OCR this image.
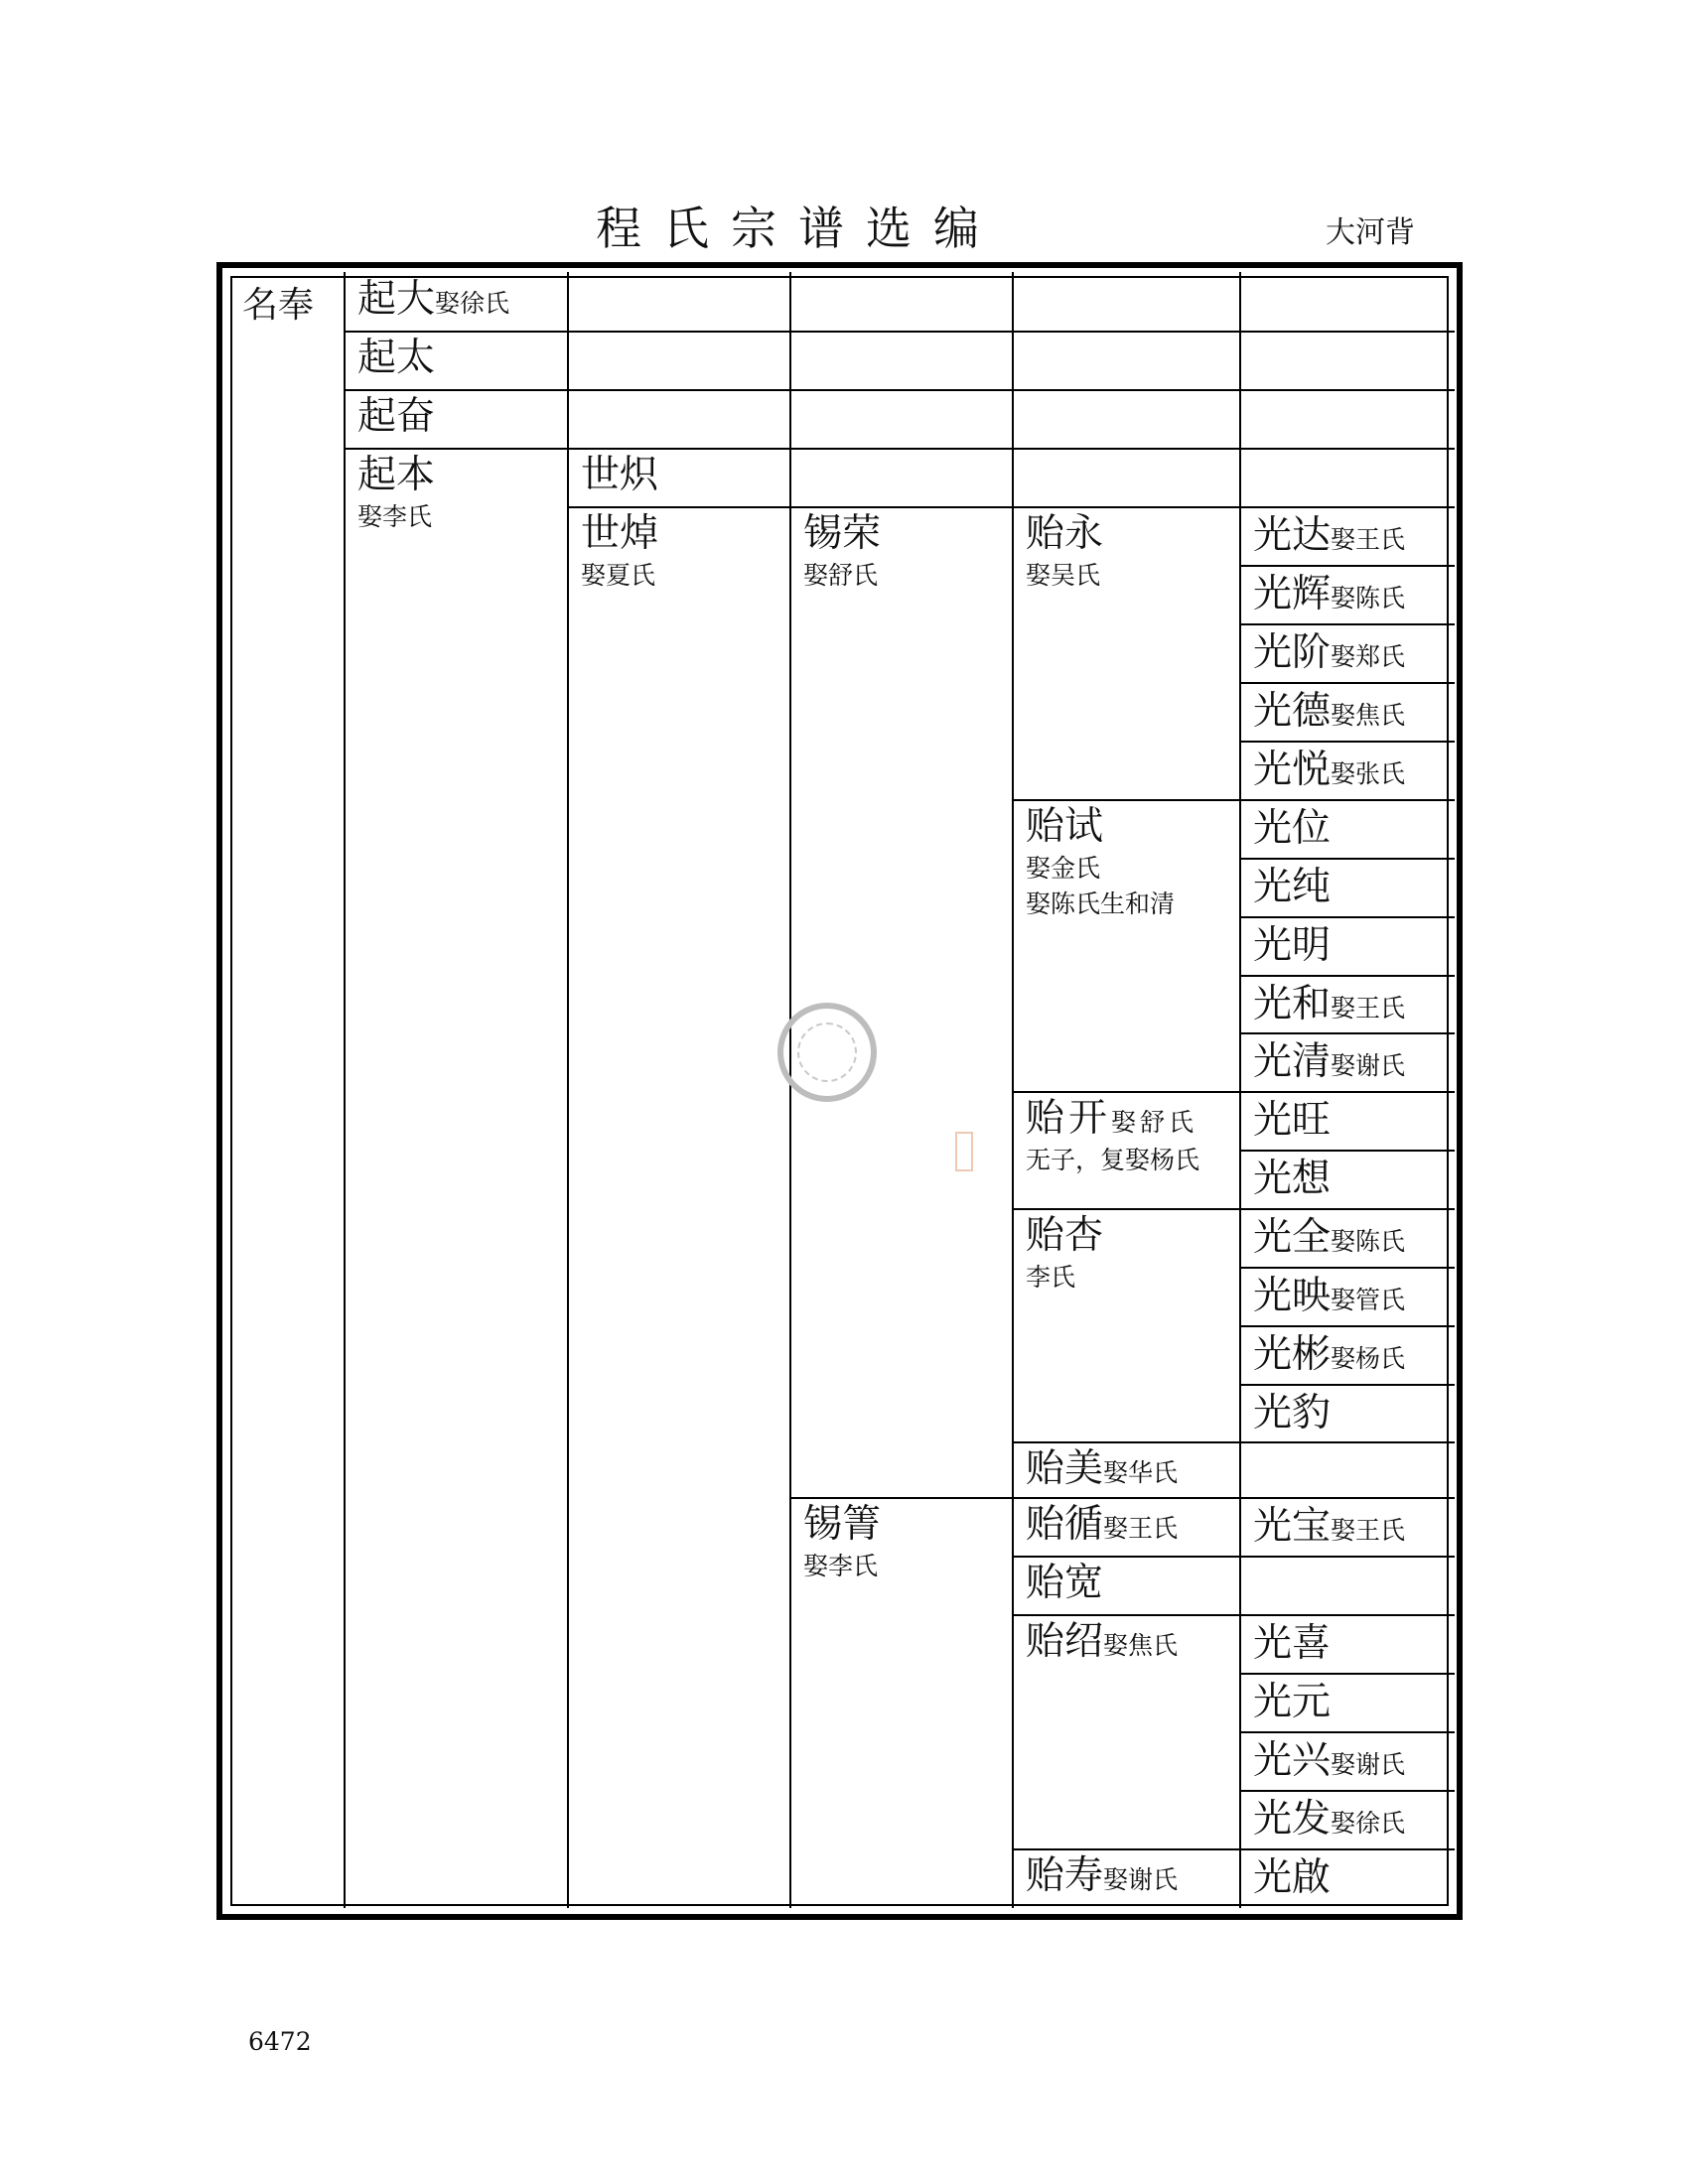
程氏宗谱选编	大河背
名奉	起大娶徐氏
起太
起奋
起本
娶李氏
世炽
世焯
娶夏氏
锡荣
娶舒氏
锡箐
娶李氏
贻永
娶吴氏
贻试
娶金氏
娶陈氏生和清
贻开娶舒氏
无子，复娶杨氏
贻杏
李氏
贻美娶华氏
贻循娶王氏
贻宽
贻绍娶焦氏
贻寿娶谢氏
光达娶王氏
光辉娶陈氏
光阶娶郑氏
光德娶焦氏
光悦娶张氏
光位
光纯
光明
光和娶王氏
光清娶谢氏
光旺
光想
光全娶陈氏
光映娶管氏
光彬娶杨氏
光豹
光宝娶王氏
光喜
光元
光兴娶谢氏
光发娶徐氏
光啟
6472
